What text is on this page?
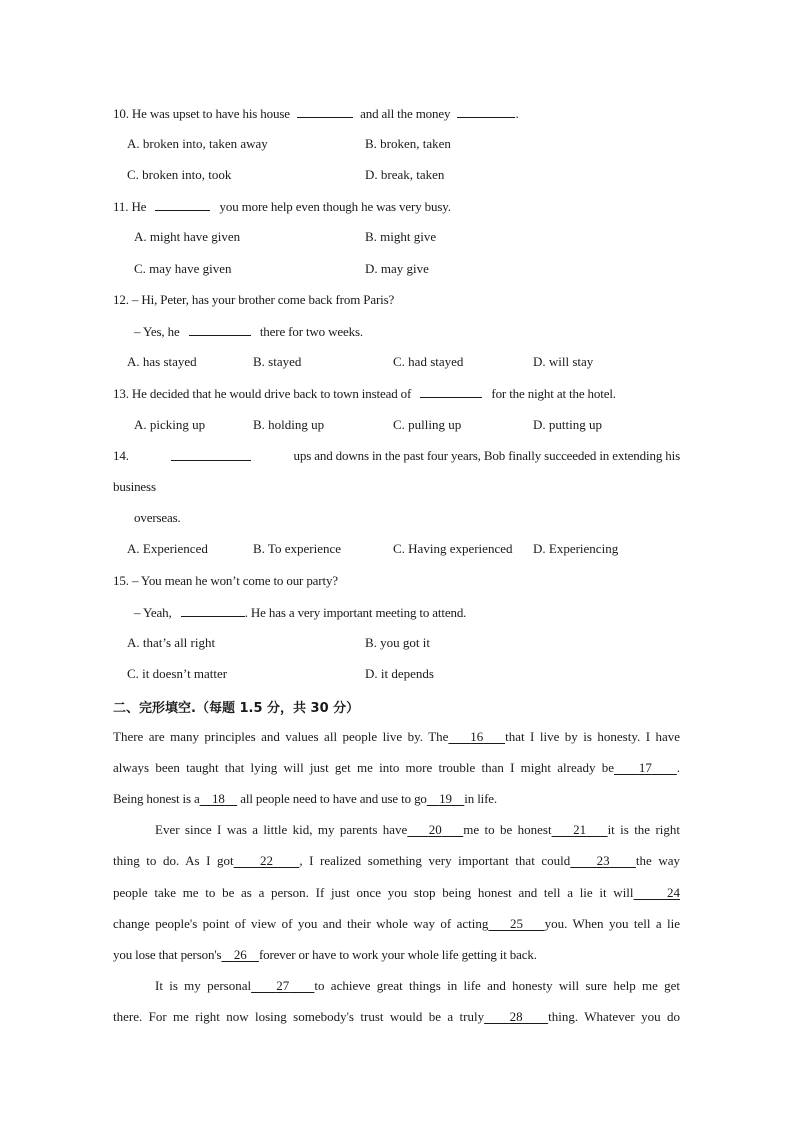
10. He was upset to have his house	and all the money	.
A. broken into, taken away	B. broken, taken
C. broken into, took	D. break, taken
11. He	you more help even though he was very busy.
A. might have given	B. might give
C. may have given	D. may give
12. – Hi, Peter, has your brother come back from Paris?
– Yes, he	there for two weeks.
A. has stayed	B. stayed	C. had stayed	D. will stay
13. He decided that he would drive back to town instead of	for the night at the hotel.
A. picking up	B. holding up	C. pulling up	D. putting up
14.	ups and downs in the past four years, Bob finally succeeded in extending his
business
overseas.
A. Experienced	B. To experience	C. Having experienced D. Experiencing
15. – You mean he won’t come to our party?
– Yeah,	. He has a very important meeting to attend.
A. that’s all right	B. you got it
C. it doesn’t matter	D. it depends
二、完形填空.（每题 1.5 分，共 30 分）
There are many principles and values all people live by. The 16 that I live by is honesty. I have
always been taught that lying will just get me into more trouble than I might already be 17 .
Being honest is a 18 all people need to have and use to go 19 in life.
Ever since I was a little kid, my parents have 20 me to be honest 21 it is the right
thing to do. As I got 22 , I realized something very important that could 23 the way
people take me to be as a person. If just once you stop being honest and tell a lie it will	24
change people's point of view of you and their whole way of acting 25 you. When you tell a lie
you lose that person's 26 forever or have to work your whole life getting it back.
It is my personal 27 to achieve great things in life and honesty will sure help me get
there. For me right now losing somebody's trust would be a truly 28 thing. Whatever you do
